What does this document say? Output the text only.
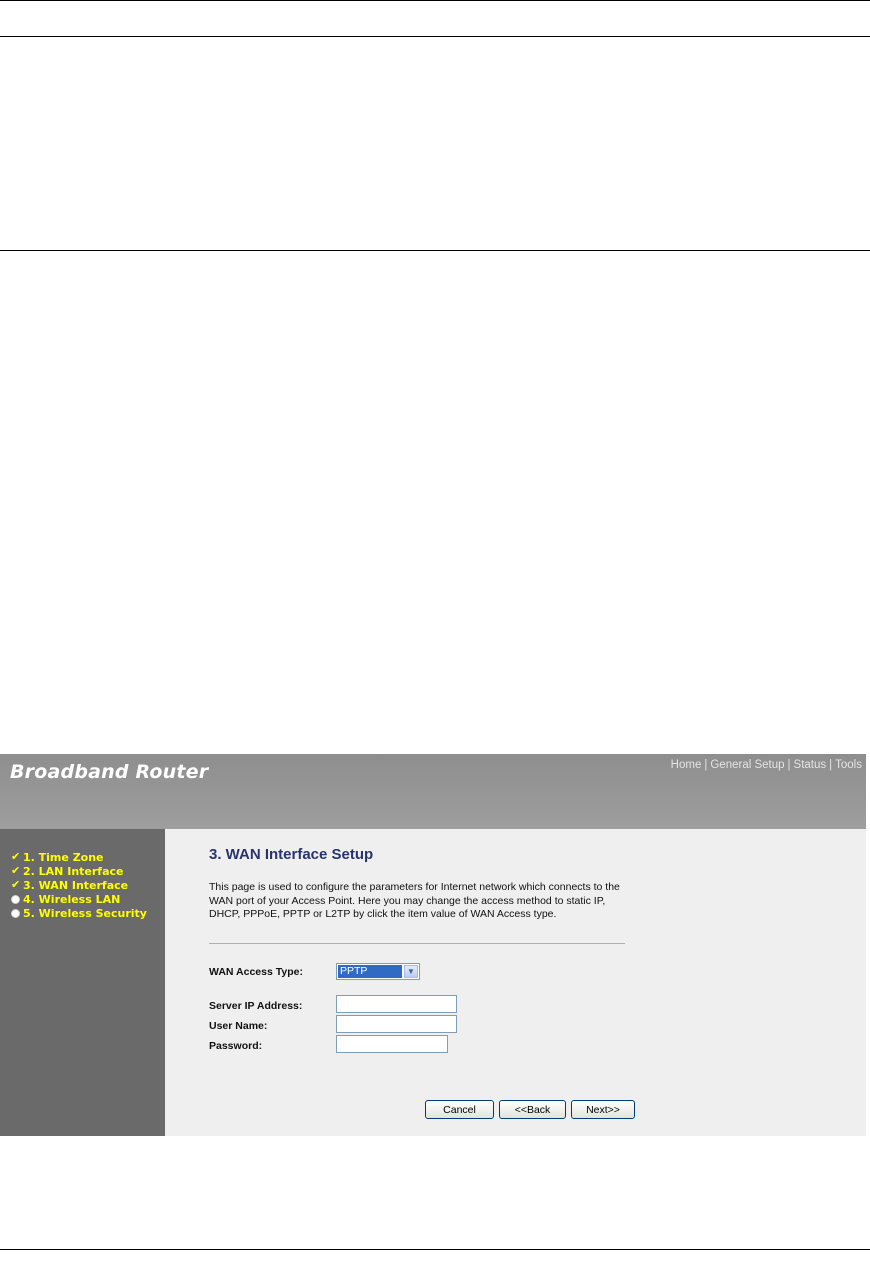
Broadband Router	Home | General Setup | Status | Tools
✔ 1. Time Zone
✔ 2. LAN Interface
✔ 3. WAN Interface
4. Wireless LAN
5. Wireless Security
3. WAN Interface Setup
This page is used to configure the parameters for Internet network which connects to the WAN port of your Access Point. Here you may change the access method to static IP, DHCP, PPPoE, PPTP or L2TP by click the item value of WAN Access type.
WAN Access Type:	PPTP	▼
Server IP Address:
User Name:
Password:
Cancel	<<Back	Next>>
